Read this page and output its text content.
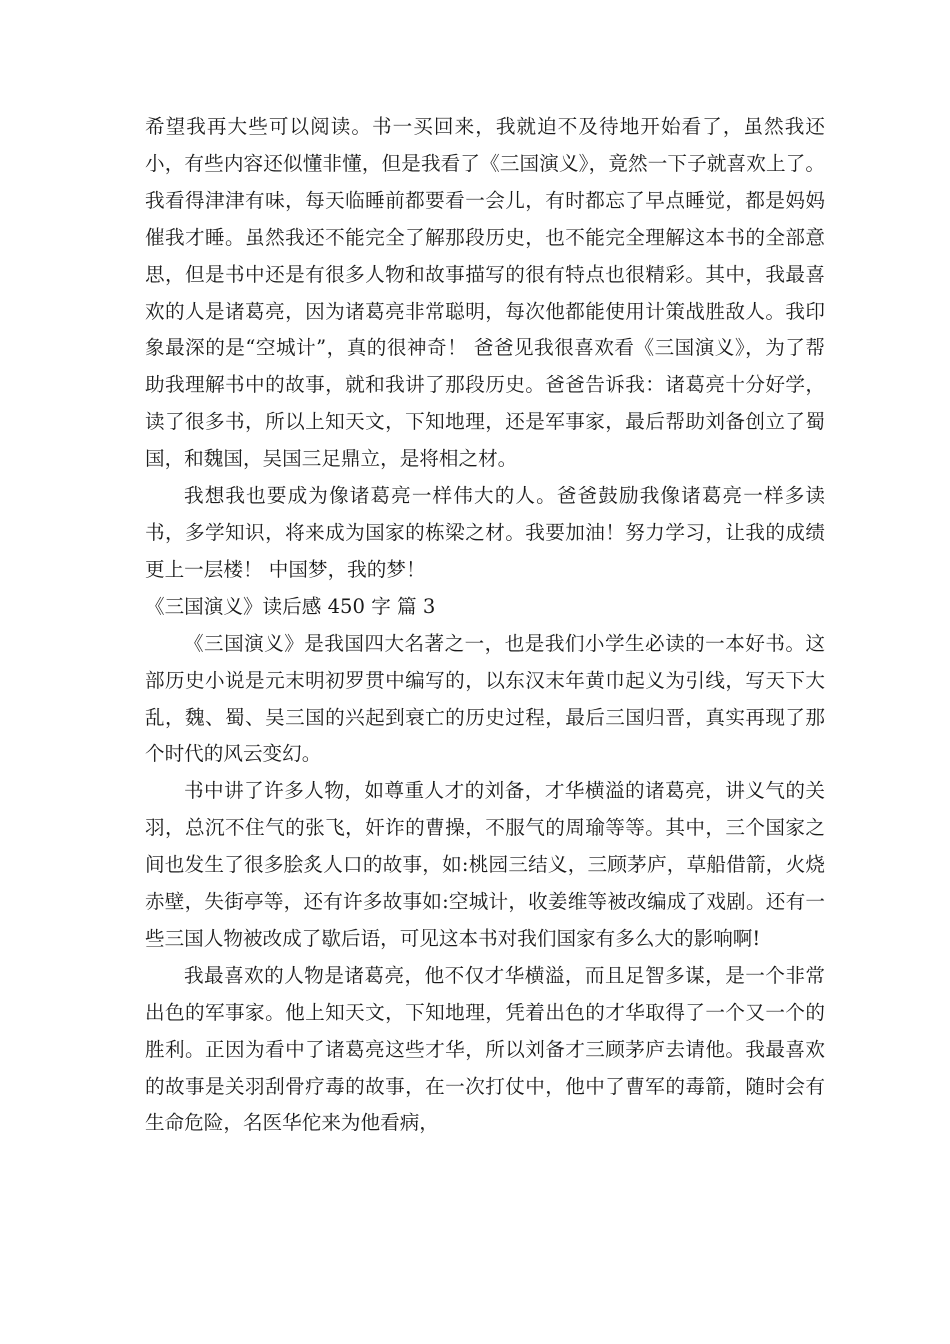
希望我再大些可以阅读。书一买回来，我就迫不及待地开始看了，虽然我还小，有些内容还似懂非懂，但是我看了《三国演义》，竟然一下子就喜欢上了。我看得津津有味，每天临睡前都要看一会儿，有时都忘了早点睡觉，都是妈妈催我才睡。虽然我还不能完全了解那段历史，也不能完全理解这本书的全部意思，但是书中还是有很多人物和故事描写的很有特点也很精彩。其中，我最喜欢的人是诸葛亮，因为诸葛亮非常聪明，每次他都能使用计策战胜敌人。我印象最深的是“空城计”，真的很神奇！ 爸爸见我很喜欢看《三国演义》，为了帮助我理解书中的故事，就和我讲了那段历史。爸爸告诉我：诸葛亮十分好学，读了很多书，所以上知天文，下知地理，还是军事家，最后帮助刘备创立了蜀国，和魏国，吴国三足鼎立，是将相之材。

我想我也要成为像诸葛亮一样伟大的人。爸爸鼓励我像诸葛亮一样多读书，多学知识，将来成为国家的栋梁之材。我要加油！努力学习，让我的成绩更上一层楼！ 中国梦，我的梦！

《三国演义》读后感 450 字 篇 3

《三国演义》是我国四大名著之一，也是我们小学生必读的一本好书。这部历史小说是元末明初罗贯中编写的，以东汉末年黄巾起义为引线，写天下大乱，魏、蜀、吴三国的兴起到衰亡的历史过程，最后三国归晋，真实再现了那个时代的风云变幻。

书中讲了许多人物，如尊重人才的刘备，才华横溢的诸葛亮，讲义气的关羽，总沉不住气的张飞，奸诈的曹操，不服气的周瑜等等。其中，三个国家之间也发生了很多脍炙人口的故事，如:桃园三结义，三顾茅庐，草船借箭，火烧赤壁，失街亭等，还有许多故事如:空城计，收姜维等被改编成了戏剧。还有一些三国人物被改成了歇后语，可见这本书对我们国家有多么大的影响啊!

我最喜欢的人物是诸葛亮，他不仅才华横溢，而且足智多谋，是一个非常出色的军事家。他上知天文，下知地理，凭着出色的才华取得了一个又一个的胜利。正因为看中了诸葛亮这些才华，所以刘备才三顾茅庐去请他。我最喜欢的故事是关羽刮骨疗毒的故事，在一次打仗中，他中了曹军的毒箭，随时会有生命危险，名医华佗来为他看病，
